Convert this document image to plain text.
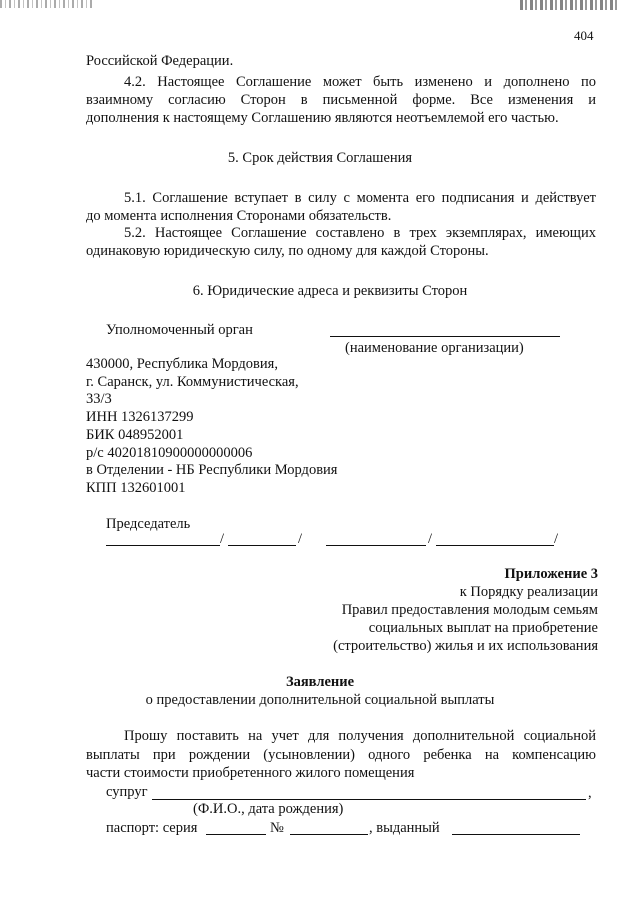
404
Российской Федерации.
4.2. Настоящее Соглашение может быть изменено и дополнено по
взаимному согласию Сторон в письменной форме. Все изменения и
дополнения к настоящему Соглашению являются неотъемлемой его частью.
5. Срок действия Соглашения
5.1. Соглашение вступает в силу с момента его подписания и действует
до момента исполнения Сторонами обязательств.
5.2. Настоящее Соглашение составлено в трех экземплярах, имеющих
одинаковую юридическую силу, по одному для каждой Стороны.
6. Юридические адреса и реквизиты Сторон
Уполномоченный орган
(наименование организации)
430000, Республика Мордовия,
г. Саранск, ул. Коммунистическая,
33/3
ИНН 1326137299
БИК 048952001
р/с 40201810900000000006
в Отделении - НБ Республики Мордовия
КПП 132601001
Председатель
/	/	/	/
Приложение 3
к Порядку реализации
Правил предоставления молодым семьям
социальных выплат на приобретение
(строительство) жилья и их использования
Заявление
о предоставлении дополнительной социальной выплаты
Прошу поставить на учет для получения дополнительной социальной
выплаты при рождении (усыновлении) одного ребенка на компенсацию
части стоимости приобретенного жилого помещения
супруг	,
(Ф.И.О., дата рождения)
паспорт: серия	№	, выданный
